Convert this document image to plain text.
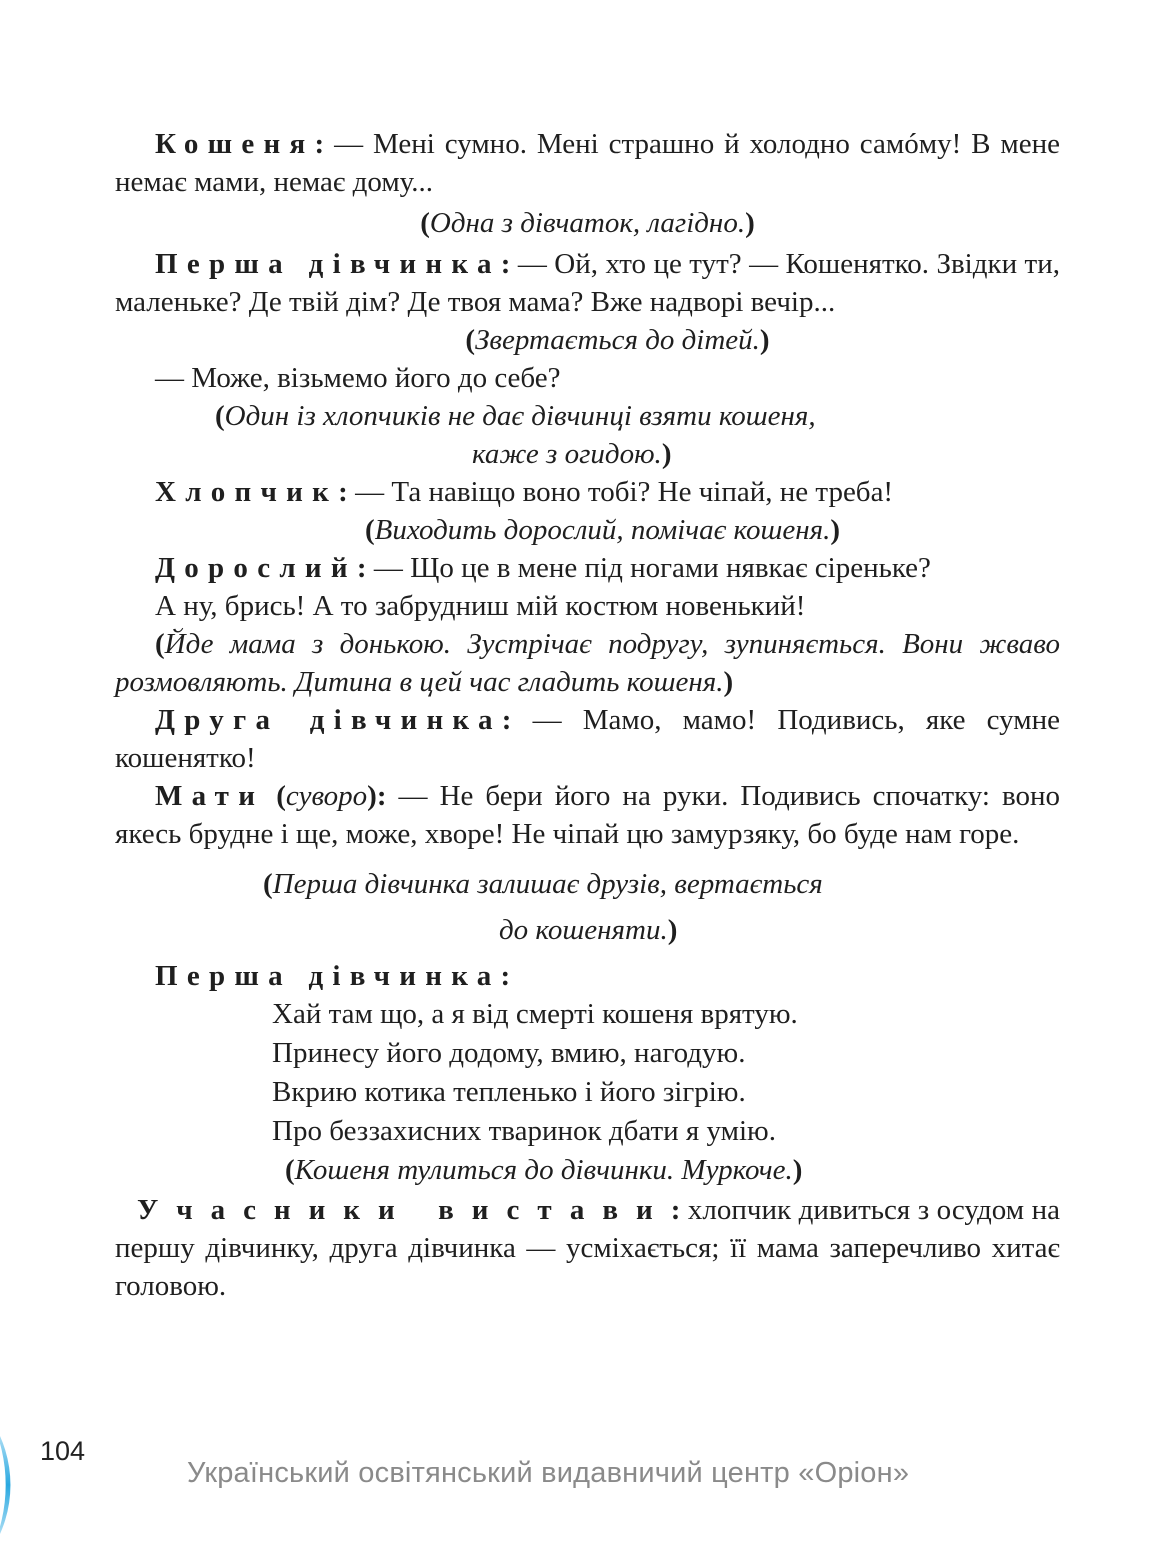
Кошеня: — Мені сумно. Мені страшно й холодно самóму! В мене немає мами, немає дому...

(Одна з дівчаток, лагідно.)

Перша дівчинка: — Ой, хто це тут? — Кошенятко. Звідки ти, маленьке? Де твій дім? Де твоя мама? Вже надворі вечір...

(Звертається до дітей.)

— Може, візьмемо його до себе?

(Один із хлопчиків не дає дівчинці взяти кошеня,

каже з огидою.)

Хлопчик: — Та навіщо воно тобі? Не чіпай, не треба!

(Виходить дорослий, помічає кошеня.)

Дорослий: — Що це в мене під ногами нявкає сіреньке?

А ну, брись! А то забрудниш мій костюм новенький!

(Йде мама з донькою. Зустрічає подругу, зупиняється. Вони жваво розмовляють. Дитина в цей час гладить кошеня.)

Друга дівчинка: — Мамо, мамо! Подивись, яке сумне кошенятко!

Мати (суворо): — Не бери його на руки. Подивись спочатку: воно якесь брудне і ще, може, хворе! Не чіпай цю замурзяку, бо буде нам горе.

(Перша дівчинка залишає друзів, вертається

до кошеняти.)

Перша дівчинка:

Хай там що, а я від смерті кошеня врятую.
Принесу його додому, вмию, нагодую.
Вкрию котика тепленько і його зігрію.
Про беззахисних тваринок дбати я умію.

(Кошеня тулиться до дівчинки. Муркоче.)

Учасники вистави: хлопчик дивиться з осудом на першу дівчинку, друга дівчинка — усміхається; її мама заперечливо хитає головою.

104
Український освітянський видавничий центр «Оріон»
